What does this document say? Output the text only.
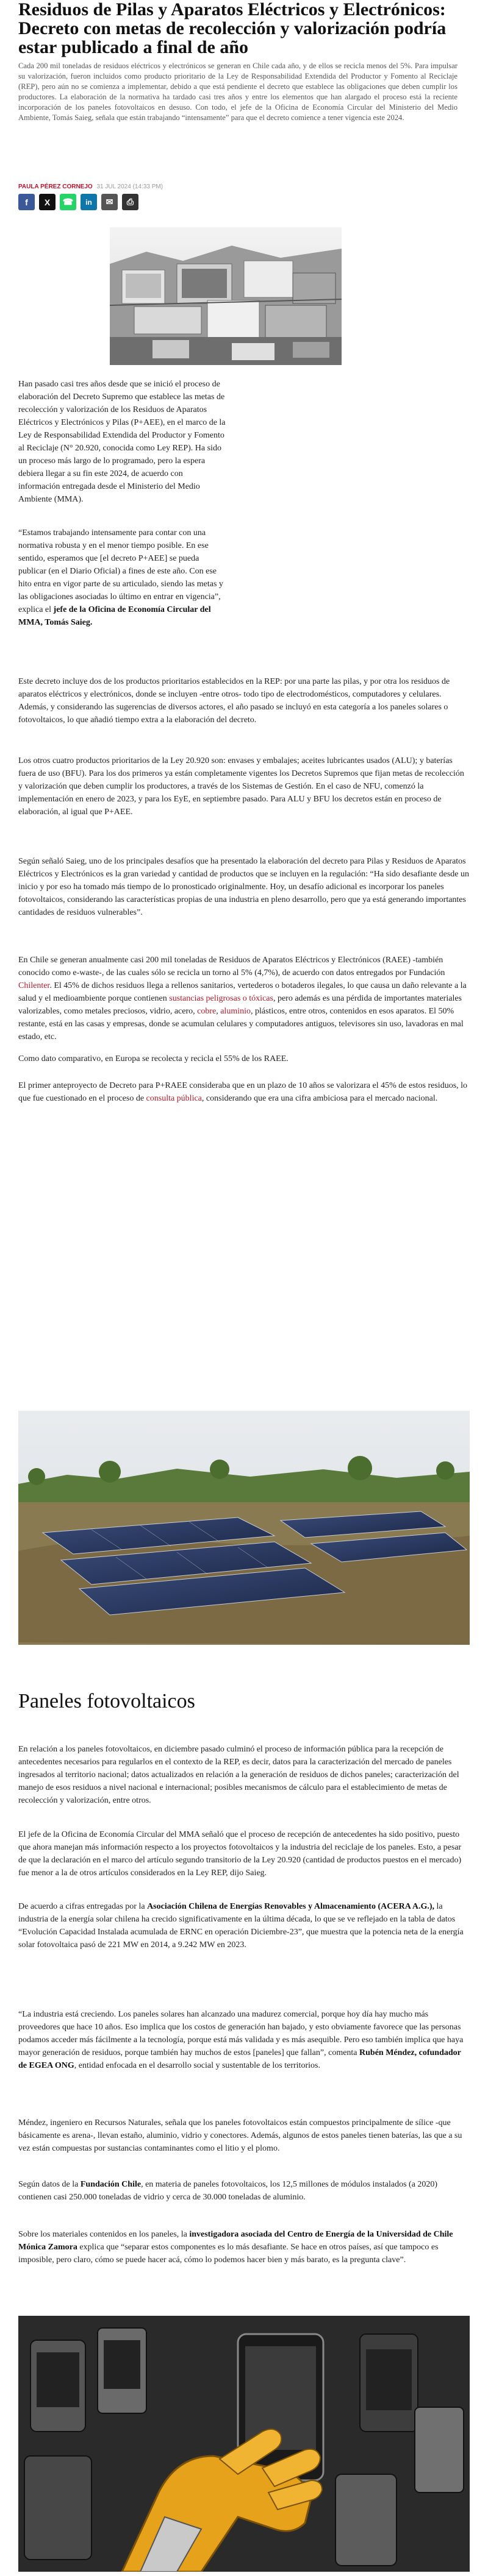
Residuos de Pilas y Aparatos Eléctricos y Electrónicos: Decreto con metas de recolección y valorización podría estar publicado a final de año

Cada 200 mil toneladas de residuos eléctricos y electrónicos se generan en Chile cada año, y de ellos se recicla menos del 5%. Para impulsar su valorización, fueron incluidos como producto prioritario de la Ley de Responsabilidad Extendida del Productor y Fomento al Reciclaje (REP), pero aún no se comienza a implementar, debido a que está pendiente el decreto que establece las obligaciones que deben cumplir los productores. La elaboración de la normativa ha tardado casi tres años y entre los elementos que han alargado el proceso está la reciente incorporación de los paneles fotovoltaicos en desuso. Con todo, el jefe de la Oficina de Economía Circular del Ministerio del Medio Ambiente, Tomás Saieg, señala que están trabajando “intensamente” para que el decreto comience a tener vigencia este 2024.

PAULA PÉREZ CORNEJO 31 JUL 2024 (14:33 PM)
f	X	☎	in	✉	⎙

Han pasado casi tres años desde que se inició el proceso de elaboración del Decreto Supremo que establece las metas de recolección y valorización de los Residuos de Aparatos Eléctricos y Electrónicos y Pilas (P+AEE), en el marco de la Ley de Responsabilidad Extendida del Productor y Fomento al Reciclaje (N° 20.920, conocida como Ley REP). Ha sido un proceso más largo de lo programado, pero la espera debiera llegar a su fin este 2024, de acuerdo con información entregada desde el Ministerio del Medio Ambiente (MMA).

“Estamos trabajando intensamente para contar con una normativa robusta y en el menor tiempo posible. En ese sentido, esperamos que [el decreto P+AEE] se pueda publicar (en el Diario Oficial) a fines de este año. Con ese hito entra en vigor parte de su articulado, siendo las metas y las obligaciones asociadas lo último en entrar en vigencia”, explica el jefe de la Oficina de Economía Circular del MMA, Tomás Saieg.

Este decreto incluye dos de los productos prioritarios establecidos en la REP: por una parte las pilas, y por otra los residuos de aparatos eléctricos y electrónicos, donde se incluyen -entre otros- todo tipo de electrodomésticos, computadores y celulares. Además, y considerando las sugerencias de diversos actores, el año pasado se incluyó en esta categoría a los paneles solares o fotovoltaicos, lo que añadió tiempo extra a la elaboración del decreto.

Los otros cuatro productos prioritarios de la Ley 20.920 son: envases y embalajes; aceites lubricantes usados (ALU); y baterías fuera de uso (BFU). Para los dos primeros ya están completamente vigentes los Decretos Supremos que fijan metas de recolección y valorización que deben cumplir los productores, a través de los Sistemas de Gestión. En el caso de NFU, comenzó la implementación en enero de 2023, y para los EyE, en septiembre pasado. Para ALU y BFU los decretos están en proceso de elaboración, al igual que P+AEE.

Según señaló Saieg, uno de los principales desafíos que ha presentado la elaboración del decreto para Pilas y Residuos de Aparatos Eléctricos y Electrónicos es la gran variedad y cantidad de productos que se incluyen en la regulación: “Ha sido desafiante desde un inicio y por eso ha tomado más tiempo de lo pronosticado originalmente. Hoy, un desafío adicional es incorporar los paneles fotovoltaicos, considerando las características propias de una industria en pleno desarrollo, pero que ya está generando importantes cantidades de residuos vulnerables”.

En Chile se generan anualmente casi 200 mil toneladas de Residuos de Aparatos Eléctricos y Electrónicos (RAEE) -también conocido como e-waste-, de las cuales sólo se recicla un torno al 5% (4,7%), de acuerdo con datos entregados por Fundación Chilenter. El 45% de dichos residuos llega a rellenos sanitarios, vertederos o botaderos ilegales, lo que causa un daño relevante a la salud y el medioambiente porque contienen sustancias peligrosas o tóxicas, pero además es una pérdida de importantes materiales valorizables, como metales preciosos, vidrio, acero, cobre, aluminio, plásticos, entre otros, contenidos en esos aparatos. El 50% restante, está en las casas y empresas, donde se acumulan celulares y computadores antiguos, televisores sin uso, lavadoras en mal estado, etc.

Como dato comparativo, en Europa se recolecta y recicla el 55% de los RAEE.

El primer anteproyecto de Decreto para P+RAEE consideraba que en un plazo de 10 años se valorizara el 45% de estos residuos, lo que fue cuestionado en el proceso de consulta pública, considerando que era una cifra ambiciosa para el mercado nacional.

Paneles fotovoltaicos

En relación a los paneles fotovoltaicos, en diciembre pasado culminó el proceso de información pública para la recepción de antecedentes necesarios para regularlos en el contexto de la REP, es decir, datos para la caracterización del mercado de paneles ingresados al territorio nacional; datos actualizados en relación a la generación de residuos de dichos paneles; caracterización del manejo de esos residuos a nivel nacional e internacional; posibles mecanismos de cálculo para el establecimiento de metas de recolección y valorización, entre otros.

El jefe de la Oficina de Economía Circular del MMA señaló que el proceso de recepción de antecedentes ha sido positivo, puesto que ahora manejan más información respecto a los proyectos fotovoltaicos y la industria del reciclaje de los paneles. Esto, a pesar de que la declaración en el marco del artículo segundo transitorio de la Ley 20.920 (cantidad de productos puestos en el mercado) fue menor a la de otros artículos considerados en la Ley REP, dijo Saieg.

De acuerdo a cifras entregadas por la Asociación Chilena de Energías Renovables y Almacenamiento (ACERA A.G.), la industria de la energía solar chilena ha crecido significativamente en la última década, lo que se ve reflejado en la tabla de datos “Evolución Capacidad Instalada acumulada de ERNC en operación Diciembre-23”, que muestra que la potencia neta de la energía solar fotovoltaica pasó de 221 MW en 2014, a 9.242 MW en 2023.

“La industria está creciendo. Los paneles solares han alcanzado una madurez comercial, porque hoy día hay mucho más proveedores que hace 10 años. Eso implica que los costos de generación han bajado, y esto obviamente favorece que las personas podamos acceder más fácilmente a la tecnología, porque está más validada y es más asequible. Pero eso también implica que haya mayor generación de residuos, porque también hay muchos de estos [paneles] que fallan”, comenta Rubén Méndez, cofundador de EGEA ONG, entidad enfocada en el desarrollo social y sustentable de los territorios.

Méndez, ingeniero en Recursos Naturales, señala que los paneles fotovoltaicos están compuestos principalmente de sílice -que básicamente es arena-, llevan estaño, aluminio, vidrio y conectores. Además, algunos de estos paneles tienen baterías, las que a su vez están compuestas por sustancias contaminantes como el litio y el plomo.

Según datos de la Fundación Chile, en materia de paneles fotovoltaicos, los 12,5 millones de módulos instalados (a 2020) contienen casi 250.000 toneladas de vidrio y cerca de 30.000 toneladas de aluminio.

Sobre los materiales contenidos en los paneles, la investigadora asociada del Centro de Energía de la Universidad de Chile Mónica Zamora explica que “separar estos componentes es lo más desafiante. Se hace en otros países, así que tampoco es imposible, pero claro, cómo se puede hacer acá, cómo lo podemos hacer bien y más barato, es la pregunta clave”.
